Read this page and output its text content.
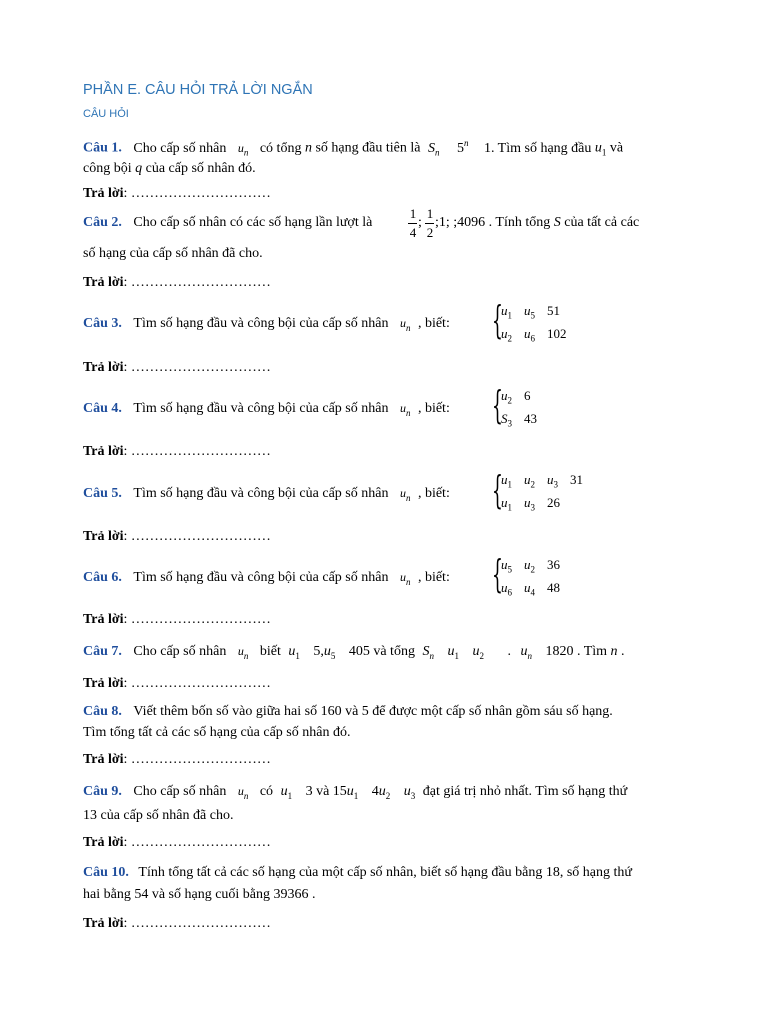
PHẦN E. CÂU HỎI TRẢ LỜI NGẮN
CÂU HỎI
Câu 1. Cho cấp số nhân $u_n$ có tổng n số hạng đầu tiên là $S_n$ 5$^n$ 1. Tìm số hạng đầu $u_1$ và
công bội q của cấp số nhân đó.
Trả lời: …………………………
Câu 2. Cho cấp số nhân có các số hạng lần lượt là
1
4
;
1
2
;1; ;4096 . Tính tổng S của tất cả các
số hạng của cấp số nhân đã cho.
Trả lời: …………………………
Câu 3. Tìm số hạng đầu và công bội của cấp số nhân $u_n$ , biết: {
$u_1$ $u_5$ 51
$u_2$ $u_6$ 102
Trả lời: …………………………
Câu 4. Tìm số hạng đầu và công bội của cấp số nhân $u_n$ , biết: {
$u_2$ 6
$S_3$ 43
Trả lời: …………………………
Câu 5. Tìm số hạng đầu và công bội của cấp số nhân $u_n$ , biết: {
$u_1$ $u_2$ $u_3$ 31
$u_1$ $u_3$ 26
Trả lời: …………………………
Câu 6. Tìm số hạng đầu và công bội của cấp số nhân $u_n$ , biết: {
$u_5$ $u_2$ 36
$u_6$ $u_4$ 48
Trả lời: …………………………
Câu 7. Cho cấp số nhân $u_n$ biết $u_1$ $5,u_5$ 405 và tổng $S_n$ $u_1$ $u_2$ . $u_n$ 1820 . Tìm n .
Trả lời: …………………………
Câu 8. Viết thêm bốn số vào giữa hai số 160 và 5 để được một cấp số nhân gồm sáu số hạng.
Tìm tổng tất cả các số hạng của cấp số nhân đó.
Trả lời: …………………………
Câu 9. Cho cấp số nhân $u_n$ có $u_1$ 3 và $15u_1$ $4u_2$ $u_3$ đạt giá trị nhỏ nhất. Tìm số hạng thứ
13 của cấp số nhân đã cho.
Trả lời: …………………………
Câu 10. Tính tổng tất cả các số hạng của một cấp số nhân, biết số hạng đầu bằng 18, số hạng thứ
hai bằng 54 và số hạng cuối bằng 39366 .
Trả lời: …………………………
